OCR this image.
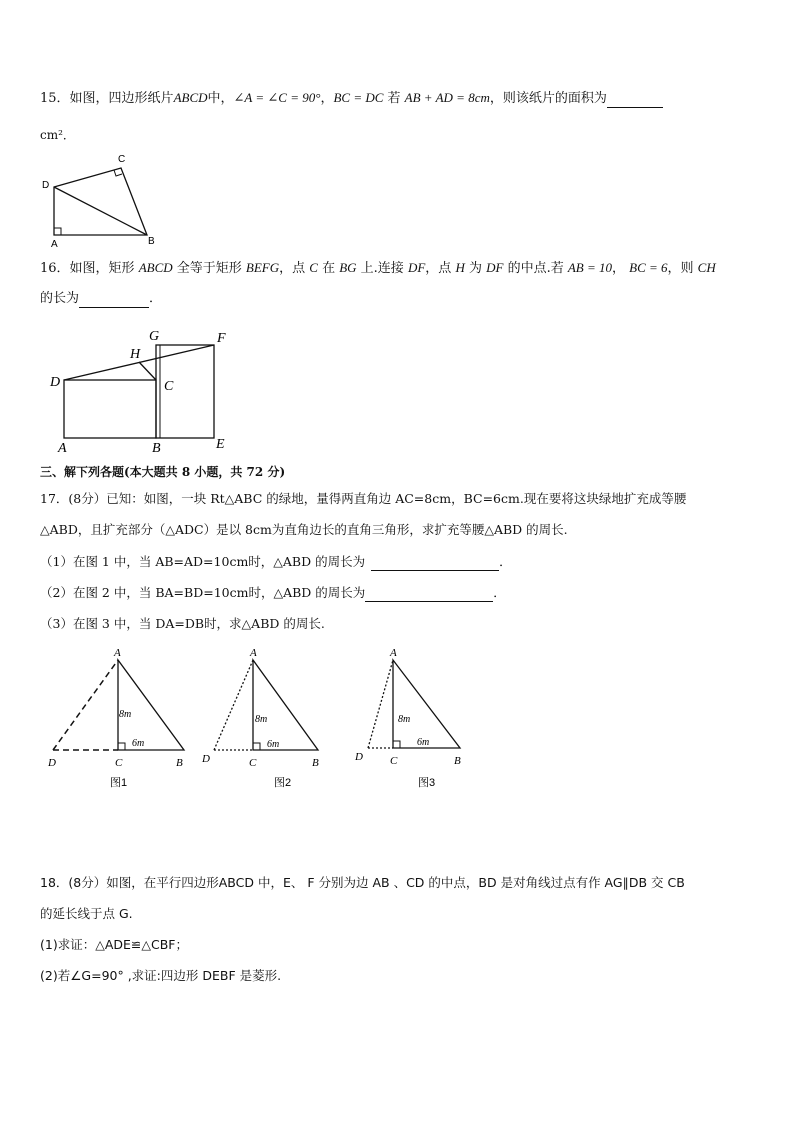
15．如图，四边形纸片ABCD中，∠A = ∠C = 90°，BC = DC 若 AB + AD = 8cm，则该纸片的面积为
cm²．
D
C
A	B
16．如图，矩形 ABCD 全等于矩形 BEFG，点 C 在 BG 上.连接 DF，点 H 为 DF 的中点.若 AB = 10， BC = 6，则 CH
的长为	．
D
H
G	F
C
A	B	E
三、解下列各题(本大题共 8 小题，共 72 分)
17．(8分）已知：如图，一块 Rt△ABC 的绿地，量得两直角边 AC=8cm，BC=6cm.现在要将这块绿地扩充成等腰
△ABD，且扩充部分（△ADC）是以 8cm为直角边长的直角三角形，求扩充等腰△ABD 的周长.
（1）在图 1 中，当 AB=AD=10cm时，△ABD 的周长为	．
（2）在图 2 中，当 BA=BD=10cm时，△ABD 的周长为	．
（3）在图 3 中，当 DA=DB时，求△ABD 的周长.
A
D	C	B
8m
6m
图1
A
D	C	B
8m
6m
图2
A
D C	B
8m
6m
图3
18．(8分）如图，在平行四边形ABCD 中，E、 F 分别为边 AB 、CD 的中点，BD 是对角线过点有作 AG∥DB 交 CB
的延长线于点 G.
(1)求证：△ADE≌△CBF；
(2)若∠G=90° ,求证:四边形 DEBF 是菱形.
